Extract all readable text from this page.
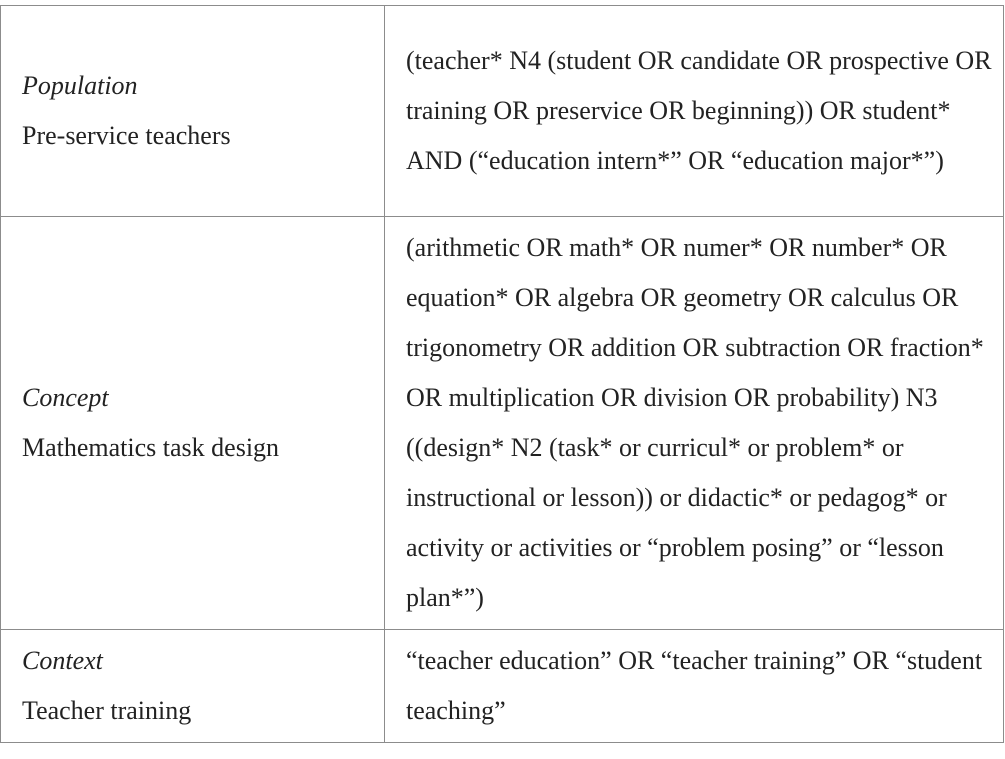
Population
Pre-service teachers	(teacher* N4 (student OR candidate OR prospective OR training OR preservice OR beginning)) OR student* AND (“education intern*” OR “education major*”)

Concept
Mathematics task design	(arithmetic OR math* OR numer* OR number* OR equation* OR algebra OR geometry OR calculus OR trigonometry OR addition OR subtraction OR fraction* OR multiplication OR division OR probability) N3 ((design* N2 (task* or curricul* or problem* or instructional or lesson)) or didactic* or pedagog* or activity or activities or “problem posing” or “lesson plan*”)

Context
Teacher training	“teacher education” OR “teacher training” OR “student teaching”
